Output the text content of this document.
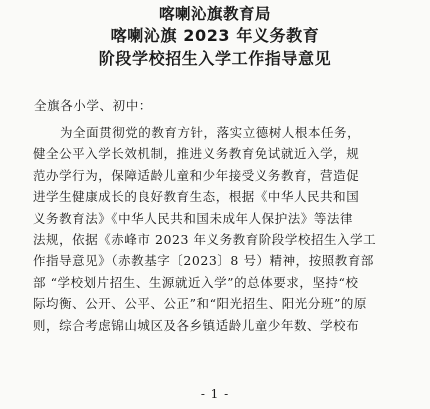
喀喇沁旗教育局
喀喇沁旗 2023 年义务教育
阶段学校招生入学工作指导意见
全旗各小学、初中：
为全面贯彻党的教育方针，落实立德树人根本任务，
健全公平入学长效机制，推进义务教育免试就近入学，规
范办学行为，保障适龄儿童和少年接受义务教育，营造促
进学生健康成长的良好教育生态，根据《中华人民共和国
义务教育法》《中华人民共和国未成年人保护法》等法律
法规，依据《赤峰市 2023 年义务教育阶段学校招生入学工
作指导意见》（赤教基字〔2023〕8 号）精神，按照教育部
部 “学校划片招生、生源就近入学”的总体要求，坚持“校
际均衡、公开、公平、公正”和“阳光招生、阳光分班”的原
则，综合考虑锦山城区及各乡镇适龄儿童少年数、学校布
- 1 -
